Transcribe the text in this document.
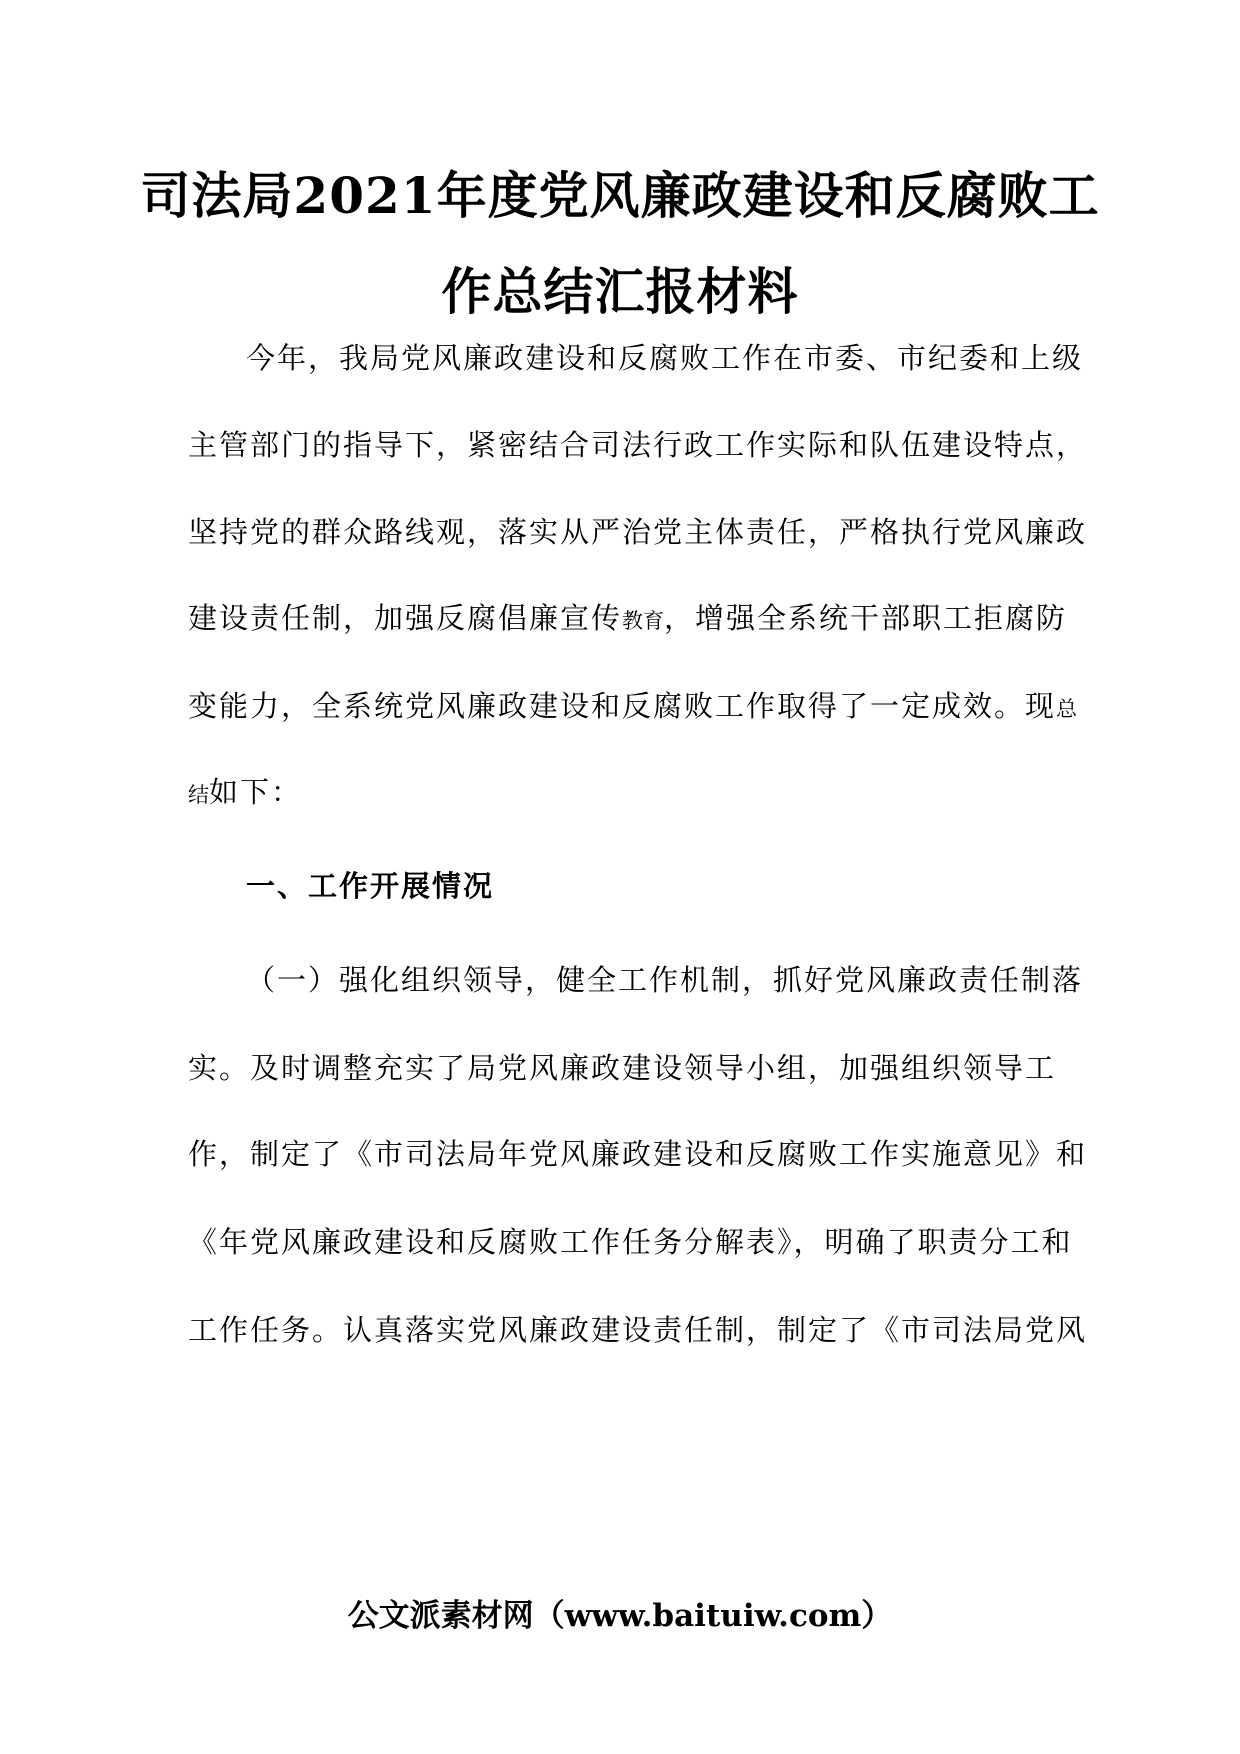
司法局2021年度党风廉政建设和反腐败工
作总结汇报材料
今年，我局党风廉政建设和反腐败工作在市委、市纪委和上级
主管部门的指导下，紧密结合司法行政工作实际和队伍建设特点，
坚持党的群众路线观，落实从严治党主体责任，严格执行党风廉政
建设责任制，加强反腐倡廉宣传教育，增强全系统干部职工拒腐防
变能力，全系统党风廉政建设和反腐败工作取得了一定成效。现总
结如下：
一、工作开展情况
（一）强化组织领导，健全工作机制，抓好党风廉政责任制落
实。及时调整充实了局党风廉政建设领导小组，加强组织领导工
作，制定了《市司法局年党风廉政建设和反腐败工作实施意见》和
《年党风廉政建设和反腐败工作任务分解表》，明确了职责分工和
工作任务。认真落实党风廉政建设责任制，制定了《市司法局党风
公文派素材网（www.baituiw.com）
